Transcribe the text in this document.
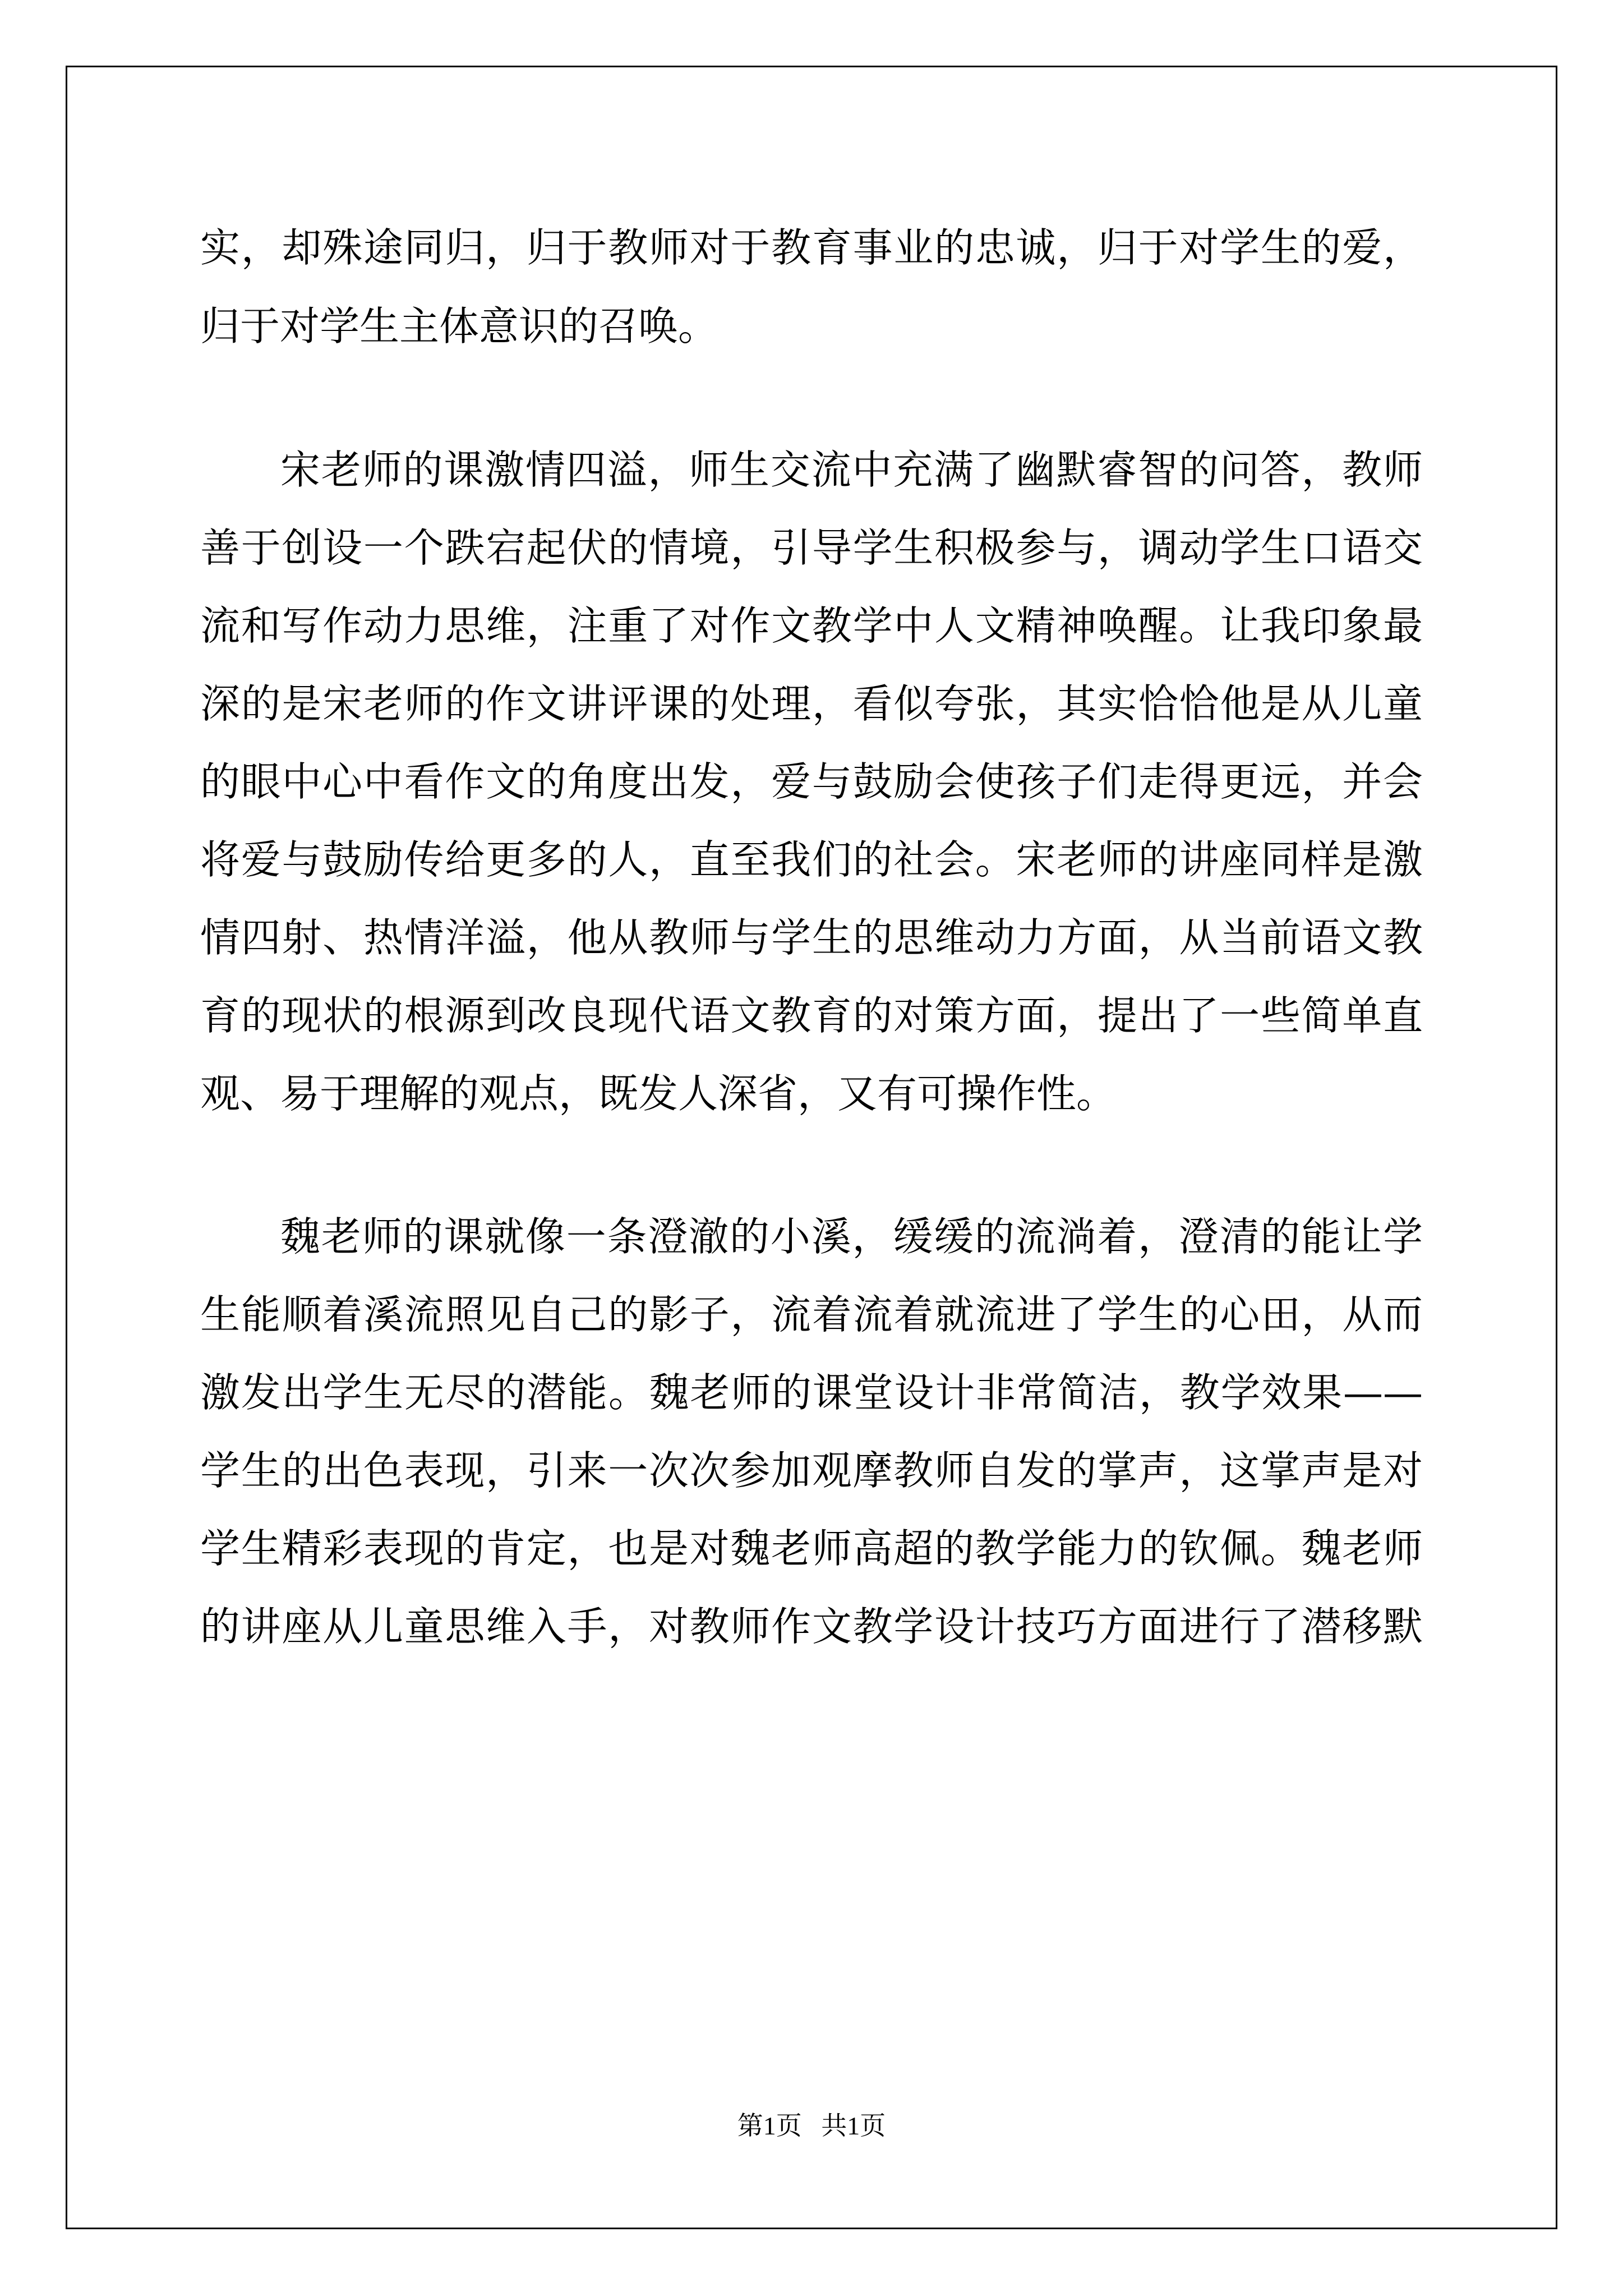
实，却殊途同归，归于教师对于教育事业的忠诚，归于对学生的爱，
归于对学生主体意识的召唤。
宋老师的课激情四溢，师生交流中充满了幽默睿智的问答，教师
善于创设一个跌宕起伏的情境，引导学生积极参与，调动学生口语交
流和写作动力思维，注重了对作文教学中人文精神唤醒。让我印象最
深的是宋老师的作文讲评课的处理，看似夸张，其实恰恰他是从儿童
的眼中心中看作文的角度出发，爱与鼓励会使孩子们走得更远，并会
将爱与鼓励传给更多的人，直至我们的社会。宋老师的讲座同样是激
情四射、热情洋溢，他从教师与学生的思维动力方面，从当前语文教
育的现状的根源到改良现代语文教育的对策方面，提出了一些简单直
观、易于理解的观点，既发人深省，又有可操作性。
魏老师的课就像一条澄澈的小溪，缓缓的流淌着，澄清的能让学
生能顺着溪流照见自己的影子，流着流着就流进了学生的心田，从而
激发出学生无尽的潜能。魏老师的课堂设计非常简洁，教学效果——
学生的出色表现，引来一次次参加观摩教师自发的掌声，这掌声是对
学生精彩表现的肯定，也是对魏老师高超的教学能力的钦佩。魏老师
的讲座从儿童思维入手，对教师作文教学设计技巧方面进行了潜移默
第1页 共1页
